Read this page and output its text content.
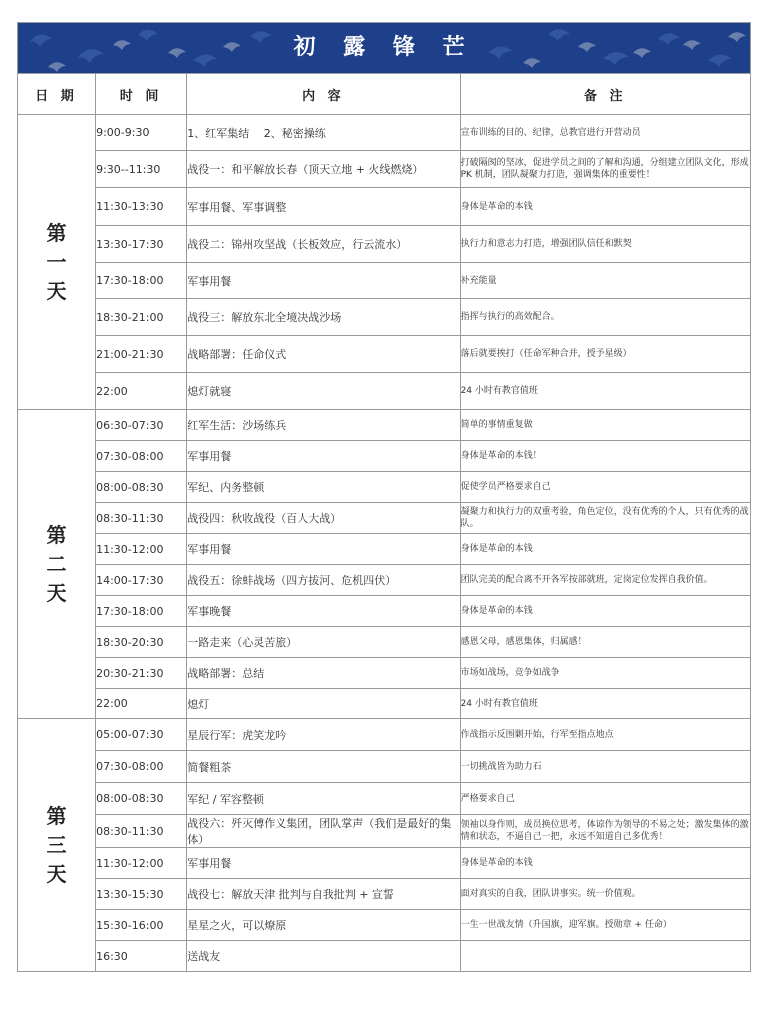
初 露 锋 芒
日 期	时 间	内 容	备 注

第
一
天	9:00-9:30	1、红军集结　 2、秘密操练	宣布训练的目的、纪律，总教官进行开营动员
	9:30--11:30	战役一：和平解放长春（顶天立地 + 火线燃烧）	打破隔阂的坚冰，促进学员之间的了解和沟通，分组建立团队文化，形成 PK 机制，团队凝聚力打造，强调集体的重要性！
	11:30-13:30	军事用餐、军事调整	身体是革命的本钱
	13:30-17:30	战役二：锦州攻坚战（长板效应，行云流水）	执行力和意志力打造，增强团队信任和默契
	17:30-18:00	军事用餐	补充能量
	18:30-21:00	战役三：解放东北全境决战沙场	指挥与执行的高效配合。
	21:00-21:30	战略部署：任命仪式	落后就要挨打（任命军种合并，授予星级）
	22:00	熄灯就寝	24 小时有教官值班

第
二
天	06:30-07:30	红军生活：沙场练兵	简单的事情重复做
	07:30-08:00	军事用餐	身体是革命的本钱！
	08:00-08:30	军纪、内务整顿	促使学员严格要求自己
	08:30-11:30	战役四：秋收战役（百人大战）	凝聚力和执行力的双重考验，角色定位，没有优秀的个人，只有优秀的战队。
	11:30-12:00	军事用餐	身体是革命的本钱
	14:00-17:30	战役五：徐蚌战场（四方拔河、危机四伏）	团队完美的配合离不开各军按部就班，定岗定位发挥自我价值。
	17:30-18:00	军事晚餐	身体是革命的本钱
	18:30-20:30	一路走来（心灵苦旅）	感恩父母，感恩集体，归属感！
	20:30-21:30	战略部署：总结	市场如战场，竞争如战争
	22:00	熄灯	24 小时有教官值班

第
三
天	05:00-07:30	星辰行军：虎笑龙吟	作战指示反围剿开始，行军至指点地点
	07:30-08:00	简餐粗茶	一切挑战皆为助力石
	08:00-08:30	军纪 / 军容整顿	严格要求自己
	08:30-11:30	战役六：歼灭傅作义集团，团队掌声（我们是最好的集体）	领袖以身作则，成员换位思考，体谅作为领导的不易之处；激发集体的激情和状态，不逼自己一把，永远不知道自己多优秀！
	11:30-12:00	军事用餐	身体是革命的本钱
	13:30-15:30	战役七：解放天津 批判与自我批判 + 宣誓	面对真实的自我，团队讲事实。统一价值观。
	15:30-16:00	星星之火，可以燎原	一生一世战友情（升国旗，迎军旗。授勋章 + 任命）
	16:30	送战友	
